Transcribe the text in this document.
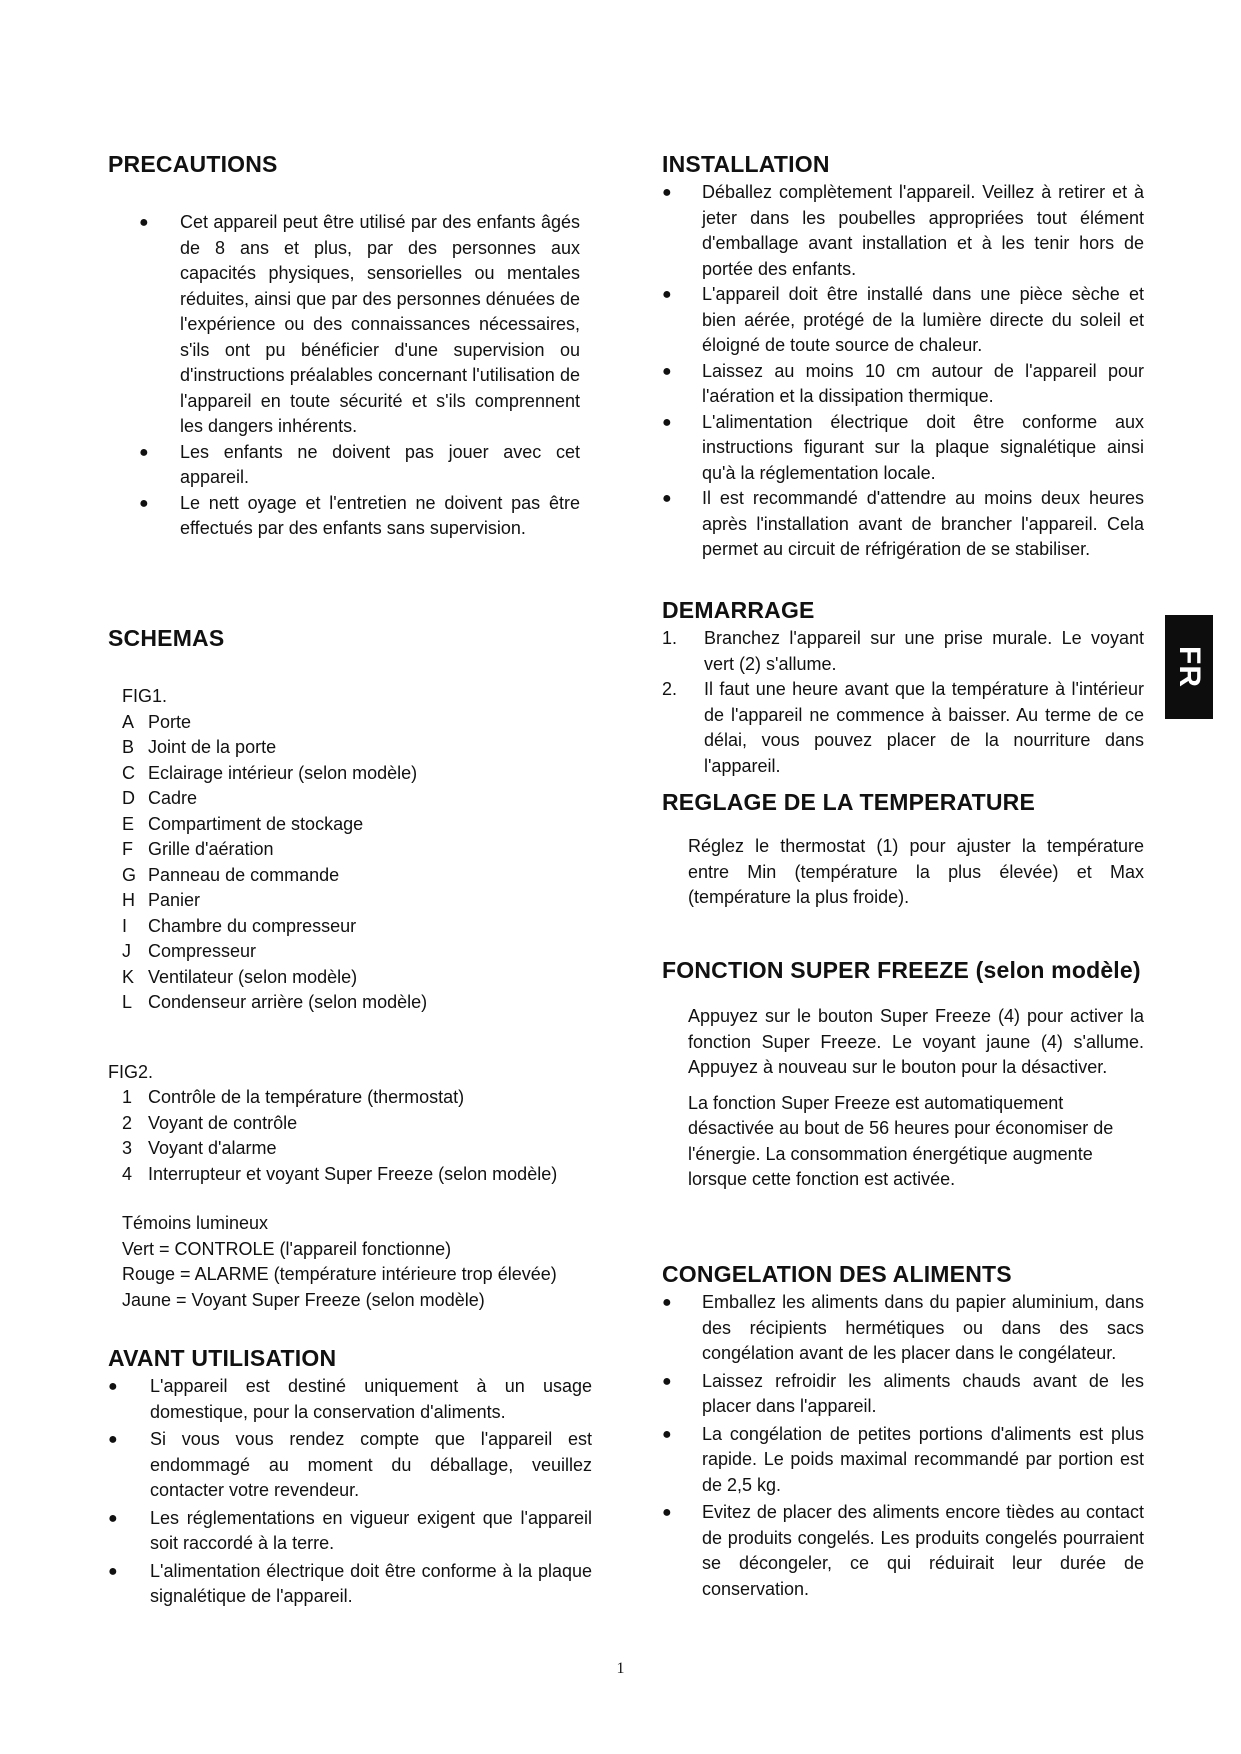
PRECAUTIONS
● Cet appareil peut être utilisé par des enfants âgés de 8 ans et plus, par des personnes aux capacités physiques, sensorielles ou mentales réduites, ainsi que par des personnes dénuées de l'expérience ou des connaissances nécessaires, s'ils ont pu bénéficier d'une supervision ou d'instructions préalables concernant l'utilisation de l'appareil en toute sécurité et s'ils comprennent les dangers inhérents.
● Les enfants ne doivent pas jouer avec cet appareil.
● Le nett oyage et l'entretien ne doivent pas être effectués par des enfants sans supervision.
SCHEMAS
FIG1.
A Porte
B Joint de la porte
C Eclairage intérieur (selon modèle)
D Cadre
E Compartiment de stockage
F Grille d'aération
G Panneau de commande
H Panier
I Chambre du compresseur
J Compresseur
K Ventilateur (selon modèle)
L Condenseur arrière (selon modèle)
FIG2.
1 Contrôle de la température (thermostat)
2 Voyant de contrôle
3 Voyant d'alarme
4 Interrupteur et voyant Super Freeze (selon modèle)
Témoins lumineux
Vert = CONTROLE (l'appareil fonctionne)
Rouge = ALARME (température intérieure trop élevée)
Jaune = Voyant Super Freeze (selon modèle)
AVANT UTILISATION
● L'appareil est destiné uniquement à un usage domestique, pour la conservation d'aliments.
● Si vous vous rendez compte que l'appareil est endommagé au moment du déballage, veuillez contacter votre revendeur.
● Les réglementations en vigueur exigent que l'appareil soit raccordé à la terre.
● L'alimentation électrique doit être conforme à la plaque signalétique de l'appareil.
INSTALLATION
● Déballez complètement l'appareil. Veillez à retirer et à jeter dans les poubelles appropriées tout élément d'emballage avant installation et à les tenir hors de portée des enfants.
● L'appareil doit être installé dans une pièce sèche et bien aérée, protégé de la lumière directe du soleil et éloigné de toute source de chaleur.
● Laissez au moins 10 cm autour de l'appareil pour l'aération et la dissipation thermique.
● L'alimentation électrique doit être conforme aux instructions figurant sur la plaque signalétique ainsi qu'à la réglementation locale.
● Il est recommandé d'attendre au moins deux heures après l'installation avant de brancher l'appareil. Cela permet au circuit de réfrigération de se stabiliser.
DEMARRAGE
1. Branchez l'appareil sur une prise murale. Le voyant vert (2) s'allume.
2. Il faut une heure avant que la température à l'intérieur de l'appareil ne commence à baisser. Au terme de ce délai, vous pouvez placer de la nourriture dans l'appareil.
REGLAGE DE LA TEMPERATURE

Réglez le thermostat (1) pour ajuster la température entre Min (température la plus élevée) et Max (température la plus froide).

FONCTION SUPER FREEZE (selon modèle)

Appuyez sur le bouton Super Freeze (4) pour activer la fonction Super Freeze. Le voyant jaune (4) s'allume. Appuyez à nouveau sur le bouton pour la désactiver.

La fonction Super Freeze est automatiquement désactivée au bout de 56 heures pour économiser de l'énergie. La consommation énergétique augmente lorsque cette fonction est activée.

CONGELATION DES ALIMENTS
● Emballez les aliments dans du papier aluminium, dans des récipients hermétiques ou dans des sacs congélation avant de les placer dans le congélateur.
● Laissez refroidir les aliments chauds avant de les placer dans l'appareil.
● La congélation de petites portions d'aliments est plus rapide. Le poids maximal recommandé par portion est de 2,5 kg.
● Evitez de placer des aliments encore tièdes au contact de produits congelés. Les produits congelés pourraient se décongeler, ce qui réduirait leur durée de conservation.
FR
1
